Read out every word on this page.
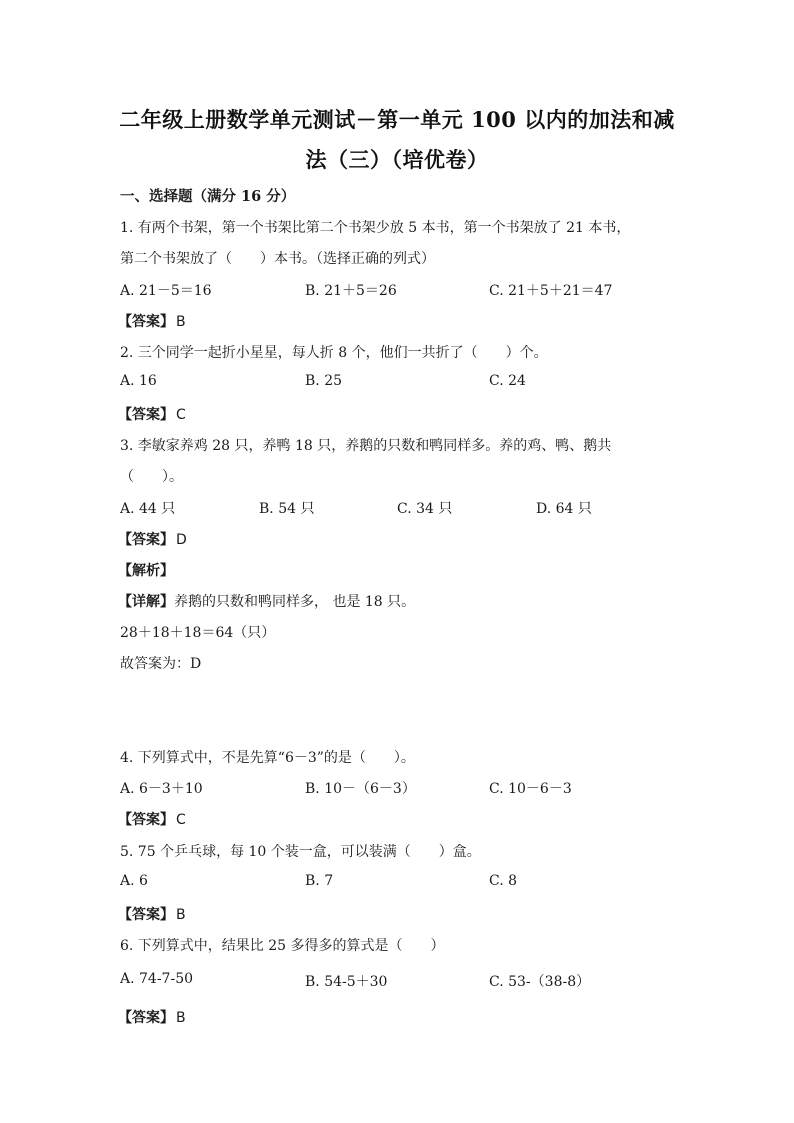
二年级上册数学单元测试－第一单元 100 以内的加法和减
法（三）（培优卷）
一、选择题（满分 16 分）
1. 有两个书架，第一个书架比第二个书架少放 5 本书，第一个书架放了 21 本书，
第二个书架放了（　　）本书。（选择正确的列式）
A. 21－5＝16	B. 21＋5＝26	C. 21＋5＋21＝47
【答案】 B
2. 三个同学一起折小星星，每人折 8 个，他们一共折了（　　）个。
A. 16	B. 25	C. 24
【答案】 C
3. 李敏家养鸡 28 只，养鸭 18 只，养鹅的只数和鸭同样多。养的鸡、鸭、鹅共
（　　）。
A. 44 只	B. 54 只	C. 34 只	D. 64 只
【答案】 D
【解析】
【详解】养鹅的只数和鸭同样多， 也是 18 只。
28＋18＋18＝64（只）
故答案为：D
4. 下列算式中，不是先算“6－3”的是（　　）。
A. 6－3＋10	B. 10－（6－3）	C. 10－6－3
【答案】 C
5. 75 个乒乓球，每 10 个装一盒，可以装满（　　）盒。
A. 6	B. 7	C. 8
【答案】 B
6. 下列算式中，结果比 25 多得多的算式是（　　）
A. 74-7-50	B. 54-5＋30	C. 53-（38-8）
【答案】 B
